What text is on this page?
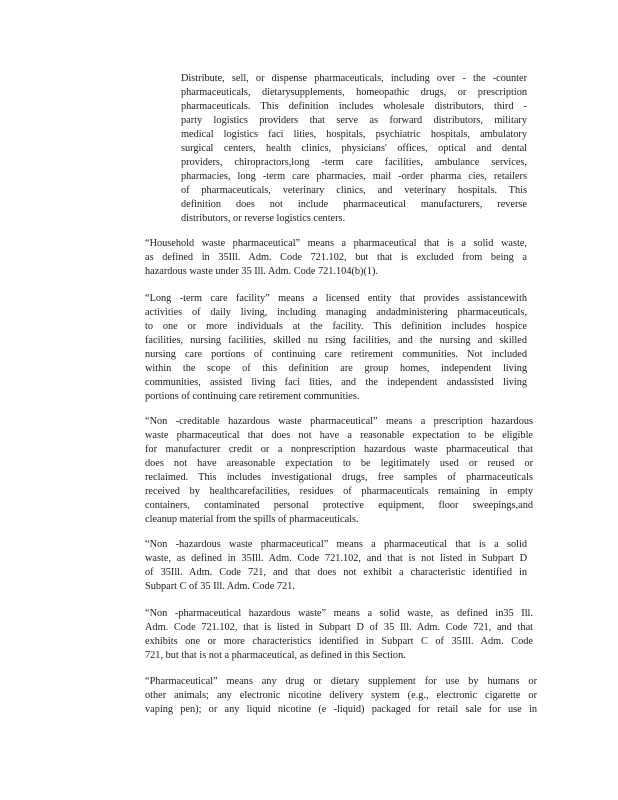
Distribute, sell, or dispense pharmaceuticals, including over - the -counter
pharmaceuticals, dietarysupplements, homeopathic drugs, or prescription
pharmaceuticals. This definition includes wholesale distributors, third -
party logistics providers that serve as forward distributors, military
medical logistics faci lities, hospitals, psychiatric hospitals, ambulatory
surgical centers, health clinics, physicians' offices, optical and dental
providers, chiropractors,long -term care facilities, ambulance services,
pharmacies, long -term care pharmacies, mail -order pharma cies, retailers
of pharmaceuticals, veterinary clinics, and veterinary hospitals. This
definition does not include pharmaceutical manufacturers, reverse
distributors, or reverse logistics centers.
“Household waste pharmaceutical” means a pharmaceutical that is a solid waste,
as defined in 35Ill. Adm. Code 721.102, but that is excluded from being a
hazardous waste under 35 Ill. Adm. Code 721.104(b)(1).
“Long -term care facility” means a licensed entity that provides assistancewith
activities of daily living, including managing andadministering pharmaceuticals,
to one or more individuals at the facility. This definition includes hospice
facilities, nursing facilities, skilled nu rsing facilities, and the nursing and skilled
nursing care portions of continuing care retirement communities. Not included
within the scope of this definition are group homes, independent living
communities, assisted living faci lities, and the independent andassisted living
portions of continuing care retirement communities.
“Non -creditable hazardous waste pharmaceutical” means a prescription hazardous
waste pharmaceutical that does not have a reasonable expectation to be eligible
for manufacturer credit or a nonprescription hazardous waste pharmaceutical that
does not have areasonable expectation to be legitimately used or reused or
reclaimed. This includes investigational drugs, free samples of pharmaceuticals
received by healthcarefacilities, residues of pharmaceuticals remaining in empty
containers, contaminated personal protective equipment, floor sweepings,and
cleanup material from the spills of pharmaceuticals.
“Non -hazardous waste pharmaceutical” means a pharmaceutical that is a solid
waste, as defined in 35Ill. Adm. Code 721.102, and that is not listed in Subpart D
of 35Ill. Adm. Code 721, and that does not exhibit a characteristic identified in
Subpart C of 35 Ill. Adm. Code 721.
“Non -pharmaceutical hazardous waste” means a solid waste, as defined in35 Ill.
Adm. Code 721.102, that is listed in Subpart D of 35 Ill. Adm. Code 721, and that
exhibits one or more characteristics identified in Subpart C of 35Ill. Adm. Code
721, but that is not a pharmaceutical, as defined in this Section.
“Pharmaceutical” means any drug or dietary supplement for use by humans or
other animals; any electronic nicotine delivery system (e.g., electronic cigarette or
vaping pen); or any liquid nicotine (e -liquid) packaged for retail sale for use in
